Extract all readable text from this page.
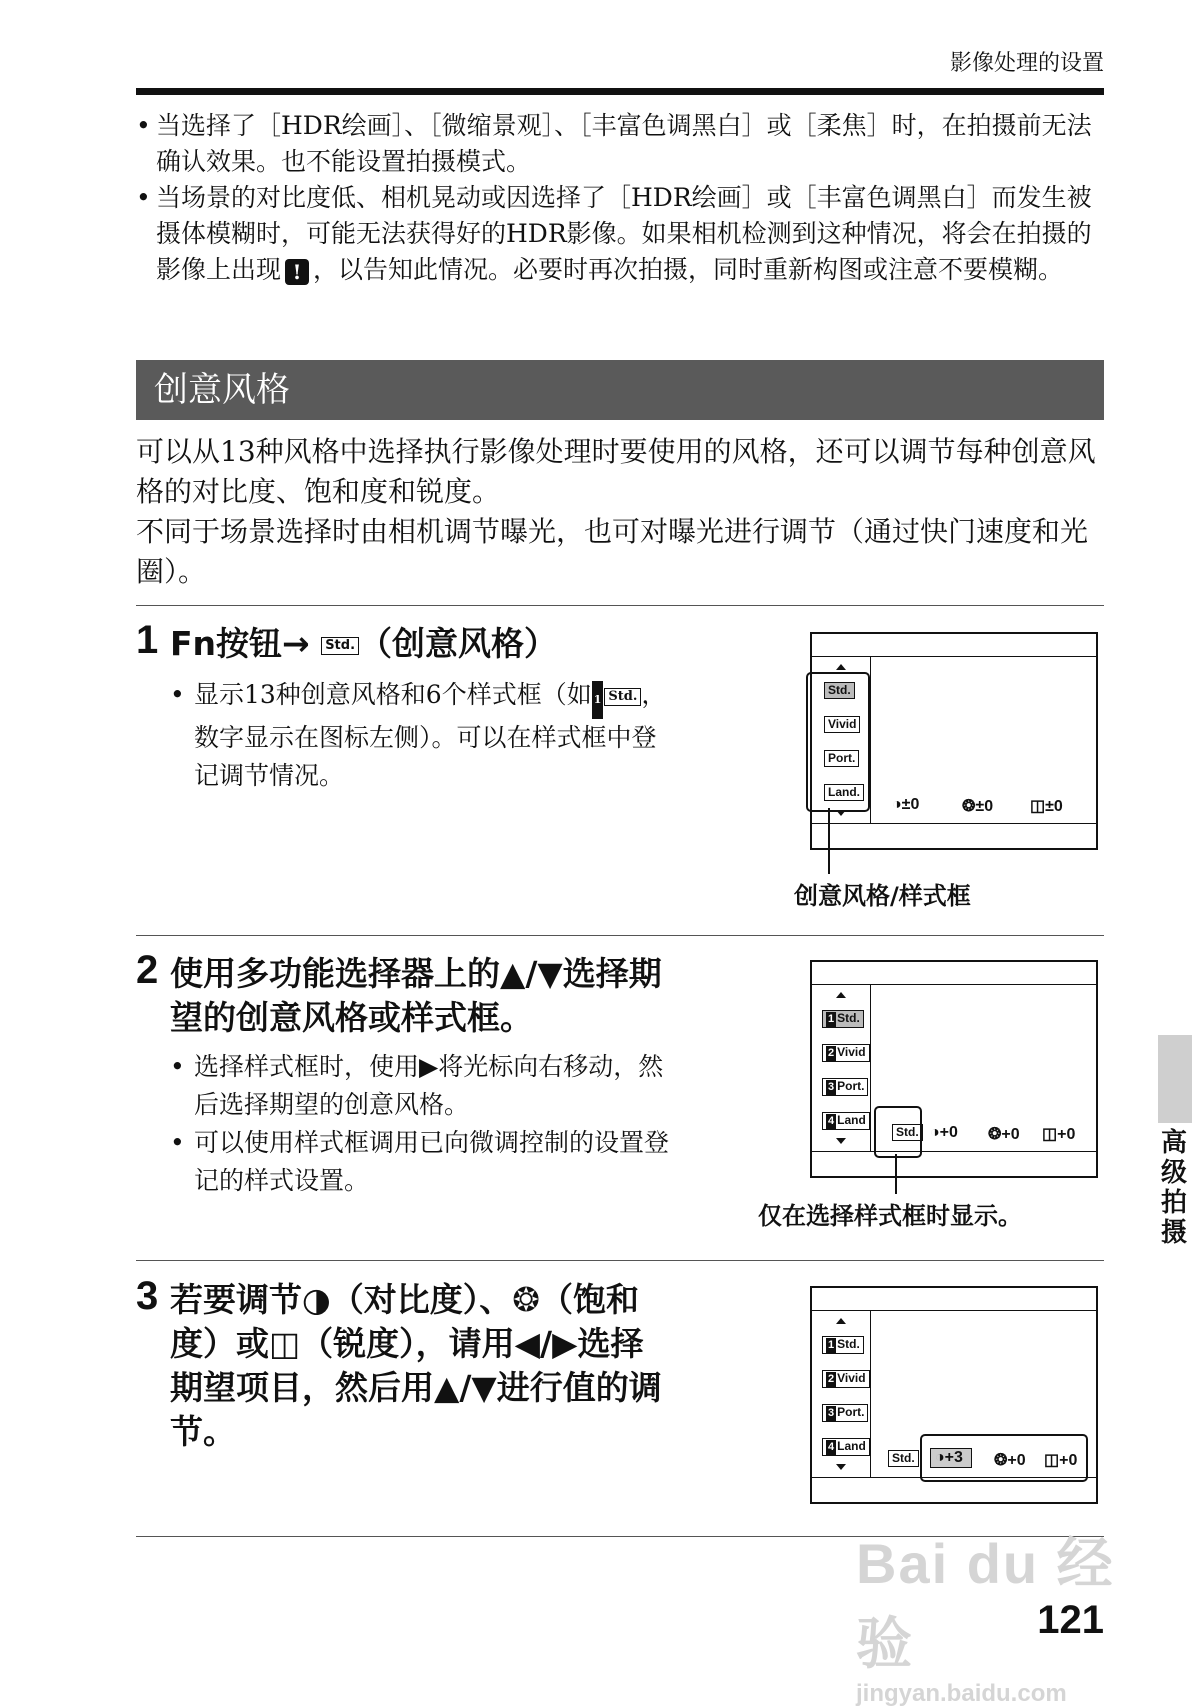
影像处理的设置
• 当选择了［HDR绘画］、［微缩景观］、［丰富色调黑白］或［柔焦］时，在拍摄前无法确认效果。也不能设置拍摄模式。
• 当场景的对比度低、相机晃动或因选择了［HDR绘画］或［丰富色调黑白］而发生被摄体模糊时，可能无法获得好的HDR影像。如果相机检测到这种情况，将会在拍摄的影像上出现 ! ，以告知此情况。必要时再次拍摄，同时重新构图或注意不要模糊。
创意风格
可以从13种风格中选择执行影像处理时要使用的风格，还可以调节每种创意风格的对比度、饱和度和锐度。
不同于场景选择时由相机调节曝光，也可对曝光进行调节（通过快门速度和光圈）。
1 Fn按钮→ Std. （创意风格）
• 显示13种创意风格和6个样式框（如 1 Std. ，数字显示在图标左侧）。可以在样式框中登记调节情况。
Std.
Vivid
Port.
Land.
◑±0	❂±0 ◫±0
创意风格/样式框
2 使用多功能选择器上的▲/▼选择期望的创意风格或样式框。
• 选择样式框时，使用▶将光标向右移动，然后选择期望的创意风格。
• 可以使用样式框调用已向微调控制的设置登记的样式设置。
1 Std.
2 Vivid
3 Port.
4 Land
Std. ◑+0 ❂+0 ◫+0
仅在选择样式框时显示。
3 若要调节◑（对比度）、❂（饱和度）或◫（锐度），请用◀/▶选择期望项目，然后用▲/▼进行值的调节。
1 Std.
2 Vivid
3 Port.
4 Land
Std.	◑+3	❂+0 ◫+0
高级拍摄
Bai du 经验
jingyan.baidu.com
121
